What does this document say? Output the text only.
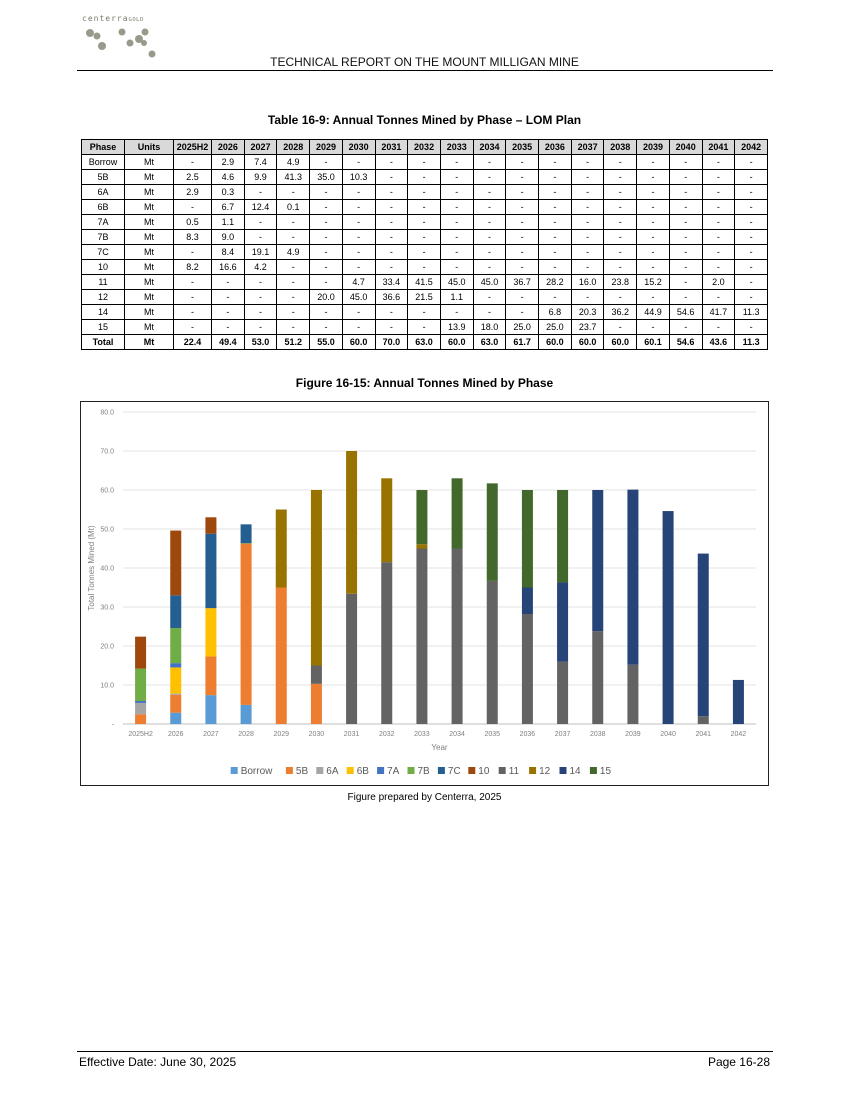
centerraGOLD
TECHNICAL REPORT ON THE MOUNT MILLIGAN MINE
Table 16-9: Annual Tonnes Mined by Phase – LOM Plan
Phase	Units	2025H2	2026	2027	2028	2029	2030	2031	2032	2033	2034	2035	2036	2037	2038	2039	2040	2041	2042
Borrow	Mt	-	2.9	7.4	4.9	-	-	-	-	-	-	-	-	-	-	-	-	-	-
5B	Mt	2.5	4.6	9.9	41.3	35.0	10.3	-	-	-	-	-	-	-	-	-	-	-	-
6A	Mt	2.9	0.3	-	-	-	-	-	-	-	-	-	-	-	-	-	-	-	-
6B	Mt	-	6.7	12.4	0.1	-	-	-	-	-	-	-	-	-	-	-	-	-	-
7A	Mt	0.5	1.1	-	-	-	-	-	-	-	-	-	-	-	-	-	-	-	-
7B	Mt	8.3	9.0	-	-	-	-	-	-	-	-	-	-	-	-	-	-	-	-
7C	Mt	-	8.4	19.1	4.9	-	-	-	-	-	-	-	-	-	-	-	-	-	-
10	Mt	8.2	16.6	4.2	-	-	-	-	-	-	-	-	-	-	-	-	-	-	-
11	Mt	-	-	-	-	-	4.7	33.4	41.5	45.0	45.0	36.7	28.2	16.0	23.8	15.2	-	2.0	-
12	Mt	-	-	-	-	20.0	45.0	36.6	21.5	1.1	-	-	-	-	-	-	-	-	-
14	Mt	-	-	-	-	-	-	-	-	-	-	-	6.8	20.3	36.2	44.9	54.6	41.7	11.3
15	Mt	-	-	-	-	-	-	-	-	13.9	18.0	25.0	25.0	23.7	-	-	-	-	-
Total	Mt	22.4	49.4	53.0	51.2	55.0	60.0	70.0	63.0	60.0	63.0	61.7	60.0	60.0	60.0	60.1	54.6	43.6	11.3
Figure 16-15: Annual Tonnes Mined by Phase
-
10.0
20.0
30.0
40.0
50.0
60.0
70.0
80.0
2025H2 2026	2027	2028	2029	2030	2031	2032	2033	2034	2035	2036	2037	2038	2039	2040	2041	2042
Year
Total Tonnes Mined (Mt)
Borrow 5B 6A 6B 7A 7B 7C 10 11 12 14 15
Figure prepared by Centerra, 2025
Effective Date: June 30, 2025	Page 16-28
